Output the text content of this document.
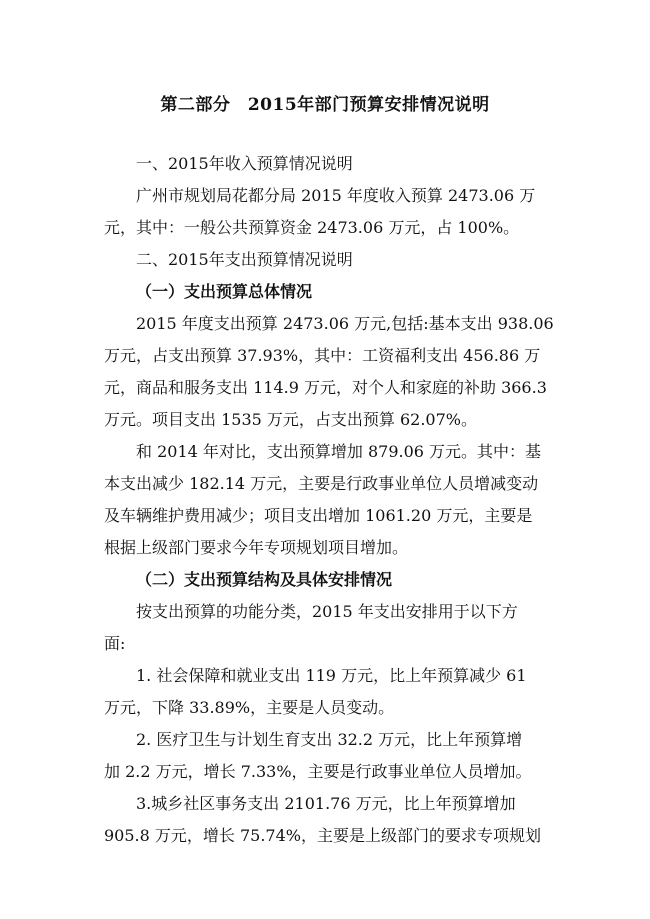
第二部分　2015年部门预算安排情况说明
一、2015年收入预算情况说明
广州市规划局花都分局 2015 年度收入预算 2473.06 万
元，其中：一般公共预算资金 2473.06 万元，占 100%。
二、2015年支出预算情况说明
（一）支出预算总体情况
2015 年度支出预算 2473.06 万元,包括:基本支出 938.06
万元，占支出预算 37.93%，其中：工资福利支出 456.86 万
元，商品和服务支出 114.9 万元，对个人和家庭的补助 366.3
万元。项目支出 1535 万元，占支出预算 62.07%。
和 2014 年对比，支出预算增加 879.06 万元。其中：基
本支出减少 182.14 万元，主要是行政事业单位人员增减变动
及车辆维护费用减少；项目支出增加 1061.20 万元，主要是
根据上级部门要求今年专项规划项目增加。
（二）支出预算结构及具体安排情况
按支出预算的功能分类，2015 年支出安排用于以下方
面:
1. 社会保障和就业支出 119 万元，比上年预算减少 61
万元，下降 33.89%，主要是人员变动。
2. 医疗卫生与计划生育支出 32.2 万元，比上年预算增
加 2.2 万元，增长 7.33%，主要是行政事业单位人员增加。
3.城乡社区事务支出 2101.76 万元，比上年预算增加
905.8 万元，增长 75.74%，主要是上级部门的要求专项规划
